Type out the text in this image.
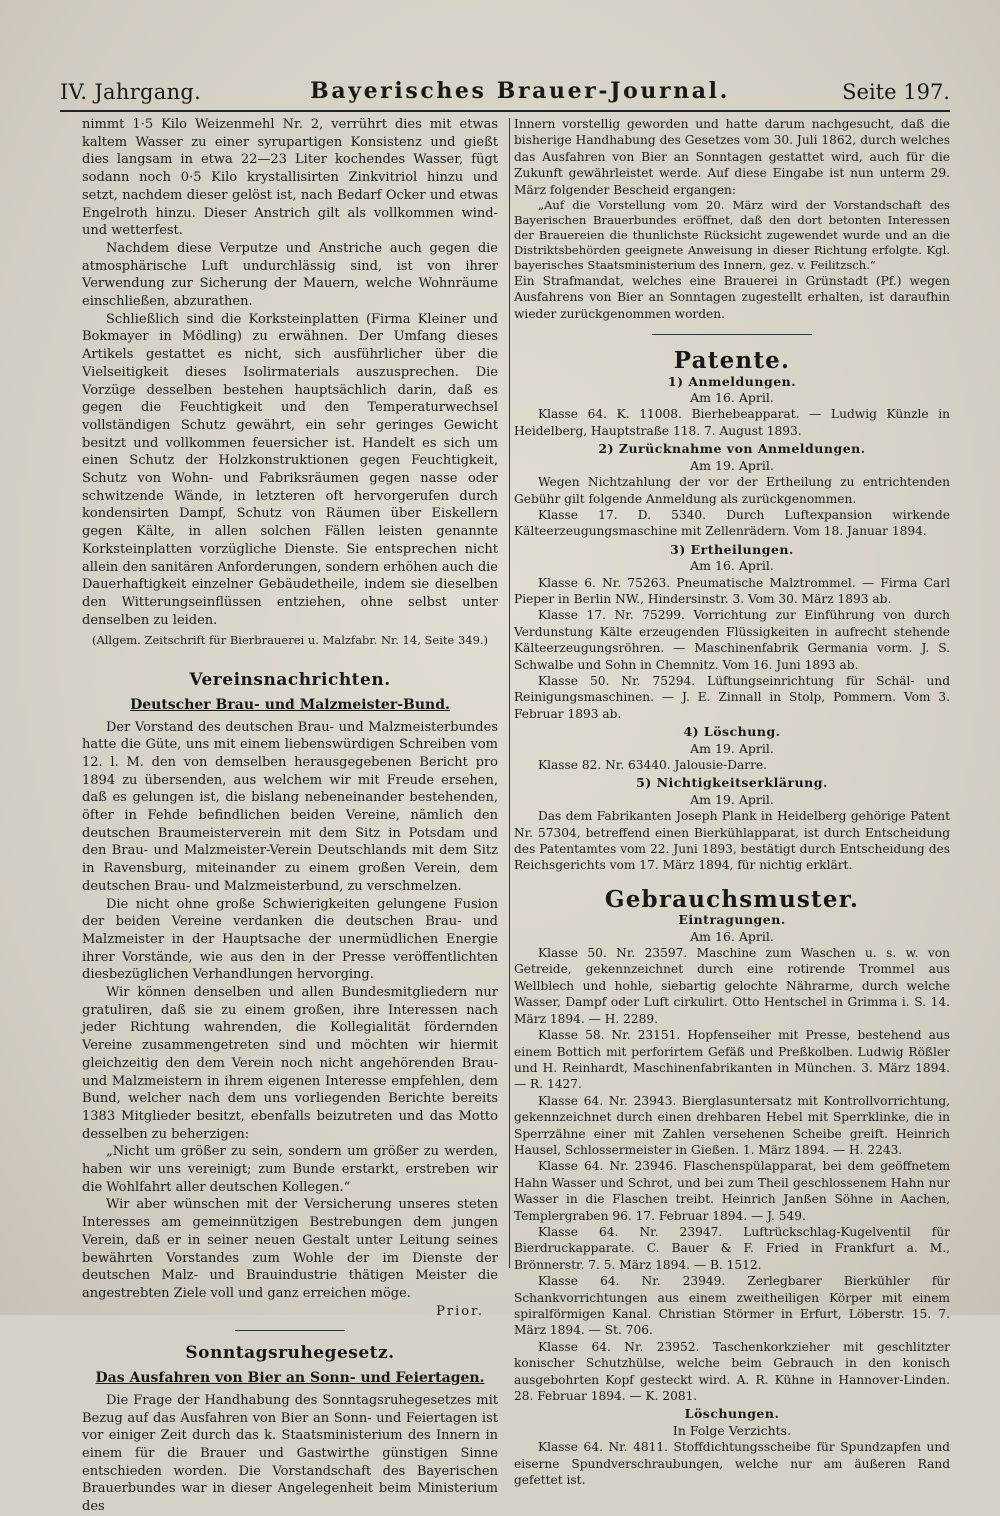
IV. Jahrgang.	Bayerisches Brauer-Journal.	Seite 197.

nimmt 1·5 Kilo Weizenmehl Nr. 2, verrührt dies mit etwas kaltem Wasser zu einer syrupartigen Konsistenz und gießt dies langsam in etwa 22—23 Liter kochendes Wasser, fügt sodann noch 0·5 Kilo krystallisirten Zinkvitriol hinzu und setzt, nachdem dieser gelöst ist, nach Bedarf Ocker und etwas Engelroth hinzu. Dieser Anstrich gilt als vollkommen wind- und wetterfest.

Nachdem diese Verputze und Anstriche auch gegen die atmosphärische Luft undurchlässig sind, ist von ihrer Verwendung zur Sicherung der Mauern, welche Wohnräume einschließen, abzurathen.

Schließlich sind die Korksteinplatten (Firma Kleiner und Bokmayer in Mödling) zu erwähnen. Der Umfang dieses Artikels gestattet es nicht, sich ausführlicher über die Vielseitigkeit dieses Isolirmaterials auszusprechen. Die Vorzüge desselben bestehen hauptsächlich darin, daß es gegen die Feuchtigkeit und den Temperaturwechsel vollständigen Schutz gewährt, ein sehr geringes Gewicht besitzt und vollkommen feuersicher ist. Handelt es sich um einen Schutz der Holzkonstruktionen gegen Feuchtigkeit, Schutz von Wohn- und Fabriksräumen gegen nasse oder schwitzende Wände, in letzteren oft hervorgerufen durch kondensirten Dampf, Schutz von Räumen über Eiskellern gegen Kälte, in allen solchen Fällen leisten genannte Korksteinplatten vorzügliche Dienste. Sie entsprechen nicht allein den sanitären Anforderungen, sondern erhöhen auch die Dauerhaftigkeit einzelner Gebäudetheile, indem sie dieselben den Witterungseinflüssen entziehen, ohne selbst unter denselben zu leiden.

(Allgem. Zeitschrift für Bierbrauerei u. Malzfabr. Nr. 14, Seite 349.)

Vereinsnachrichten.
Deutscher Brau- und Malzmeister-Bund.

Der Vorstand des deutschen Brau- und Malzmeisterbundes hatte die Güte, uns mit einem liebenswürdigen Schreiben vom 12. l. M. den von demselben herausgegebenen Bericht pro 1894 zu übersenden, aus welchem wir mit Freude ersehen, daß es gelungen ist, die bislang nebeneinander bestehenden, öfter in Fehde befindlichen beiden Vereine, nämlich den deutschen Braumeisterverein mit dem Sitz in Potsdam und den Brau- und Malzmeister-Verein Deutschlands mit dem Sitz in Ravensburg, miteinander zu einem großen Verein, dem deutschen Brau- und Malzmeisterbund, zu verschmelzen.

Die nicht ohne große Schwierigkeiten gelungene Fusion der beiden Vereine verdanken die deutschen Brau- und Malzmeister in der Hauptsache der unermüdlichen Energie ihrer Vorstände, wie aus den in der Presse veröffentlichten diesbezüglichen Verhandlungen hervorging.

Wir können denselben und allen Bundesmitgliedern nur gratuliren, daß sie zu einem großen, ihre Interessen nach jeder Richtung wahrenden, die Kollegialität fördernden Vereine zusammengetreten sind und möchten wir hiermit gleichzeitig den dem Verein noch nicht angehörenden Brau- und Malzmeistern in ihrem eigenen Interesse empfehlen, dem Bund, welcher nach dem uns vorliegenden Berichte bereits 1383 Mitglieder besitzt, ebenfalls beizutreten und das Motto desselben zu beherzigen:

„Nicht um größer zu sein, sondern um größer zu werden, haben wir uns vereinigt; zum Bunde erstarkt, erstreben wir die Wohlfahrt aller deutschen Kollegen.“

Wir aber wünschen mit der Versicherung unseres steten Interesses am gemeinnützigen Bestrebungen dem jungen Verein, daß er in seiner neuen Gestalt unter Leitung seines bewährten Vorstandes zum Wohle der im Dienste der deutschen Malz- und Brauindustrie thätigen Meister die angestrebten Ziele voll und ganz erreichen möge.

Prior.

Sonntagsruhegesetz.
Das Ausfahren von Bier an Sonn- und Feiertagen.

Die Frage der Handhabung des Sonntagsruhegesetzes mit Bezug auf das Ausfahren von Bier an Sonn- und Feiertagen ist vor einiger Zeit durch das k. Staatsministerium des Innern in einem für die Brauer und Gastwirthe günstigen Sinne entschieden worden. Die Vorstandschaft des Bayerischen Brauerbundes war in dieser Angelegenheit beim Ministerium des

Innern vorstellig geworden und hatte darum nachgesucht, daß die bisherige Handhabung des Gesetzes vom 30. Juli 1862, durch welches das Ausfahren von Bier an Sonntagen gestattet wird, auch für die Zukunft gewährleistet werde. Auf diese Eingabe ist nun unterm 29. März folgender Bescheid ergangen:

„Auf die Vorstellung vom 20. März wird der Vorstandschaft des Bayerischen Brauerbundes eröffnet, daß den dort betonten Interessen der Brauereien die thunlichste Rücksicht zugewendet wurde und an die Distriktsbehörden geeignete Anweisung in dieser Richtung erfolgte. Kgl. bayerisches Staatsministerium des Innern, gez. v. Feilitzsch.“

Ein Strafmandat, welches eine Brauerei in Grünstadt (Pf.) wegen Ausfahrens von Bier an Sonntagen zugestellt erhalten, ist daraufhin wieder zurückgenommen worden.

Patente.
1) Anmeldungen.
Am 16. April.

Klasse 64. K. 11008. Bierhebeapparat. — Ludwig Künzle in Heidelberg, Hauptstraße 118. 7. August 1893.

2) Zurücknahme von Anmeldungen.
Am 19. April.

Wegen Nichtzahlung der vor der Ertheilung zu entrichtenden Gebühr gilt folgende Anmeldung als zurückgenommen.

Klasse 17. D. 5340. Durch Luftexpansion wirkende Kälteerzeugungsmaschine mit Zellenrädern. Vom 18. Januar 1894.

3) Ertheilungen.
Am 16. April.

Klasse 6. Nr. 75263. Pneumatische Malztrommel. — Firma Carl Pieper in Berlin NW., Hindersinstr. 3. Vom 30. März 1893 ab.

Klasse 17. Nr. 75299. Vorrichtung zur Einführung von durch Verdunstung Kälte erzeugenden Flüssigkeiten in aufrecht stehende Kälteerzeugungsröhren. — Maschinenfabrik Germania vorm. J. S. Schwalbe und Sohn in Chemnitz. Vom 16. Juni 1893 ab.

Klasse 50. Nr. 75294. Lüftungseinrichtung für Schäl- und Reinigungsmaschinen. — J. E. Zinnall in Stolp, Pommern. Vom 3. Februar 1893 ab.

4) Löschung.
Am 19. April.

Klasse 82. Nr. 63440. Jalousie-Darre.

5) Nichtigkeitserklärung.
Am 19. April.

Das dem Fabrikanten Joseph Plank in Heidelberg gehörige Patent Nr. 57304, betreffend einen Bierkühlapparat, ist durch Entscheidung des Patentamtes vom 22. Juni 1893, bestätigt durch Entscheidung des Reichsgerichts vom 17. März 1894, für nichtig erklärt.

Gebrauchsmuster.
Eintragungen.
Am 16. April.

Klasse 50. Nr. 23597. Maschine zum Waschen u. s. w. von Getreide, gekennzeichnet durch eine rotirende Trommel aus Wellblech und hohle, siebartig gelochte Nährarme, durch welche Wasser, Dampf oder Luft cirkulirt. Otto Hentschel in Grimma i. S. 14. März 1894. — H. 2289.

Klasse 58. Nr. 23151. Hopfenseiher mit Presse, bestehend aus einem Bottich mit perforirtem Gefäß und Preßkolben. Ludwig Rößler und H. Reinhardt, Maschinenfabrikanten in München. 3. März 1894. — R. 1427.

Klasse 64. Nr. 23943. Bierglasuntersatz mit Kontrollvorrichtung, gekennzeichnet durch einen drehbaren Hebel mit Sperrklinke, die in Sperrzähne einer mit Zahlen versehenen Scheibe greift. Heinrich Hausel, Schlossermeister in Gießen. 1. März 1894. — H. 2243.

Klasse 64. Nr. 23946. Flaschenspülapparat, bei dem geöffnetem Hahn Wasser und Schrot, und bei zum Theil geschlossenem Hahn nur Wasser in die Flaschen treibt. Heinrich Janßen Söhne in Aachen, Templergraben 96. 17. Februar 1894. — J. 549.

Klasse 64. Nr. 23947. Luftrückschlag-Kugelventil für Bierdruckapparate. C. Bauer & F. Fried in Frankfurt a. M., Brönnerstr. 7. 5. März 1894. — B. 1512.

Klasse 64. Nr. 23949. Zerlegbarer Bierkühler für Schankvorrichtungen aus einem zweitheiligen Körper mit einem spiralförmigen Kanal. Christian Störmer in Erfurt, Löberstr. 15. 7. März 1894. — St. 706.

Klasse 64. Nr. 23952. Taschenkorkzieher mit geschlitzter konischer Schutzhülse, welche beim Gebrauch in den konisch ausgebohrten Kopf gesteckt wird. A. R. Kühne in Hannover-Linden. 28. Februar 1894. — K. 2081.

Löschungen.
In Folge Verzichts.

Klasse 64. Nr. 4811. Stoffdichtungsscheibe für Spundzapfen und eiserne Spundverschraubungen, welche nur am äußeren Rand gefettet ist.
